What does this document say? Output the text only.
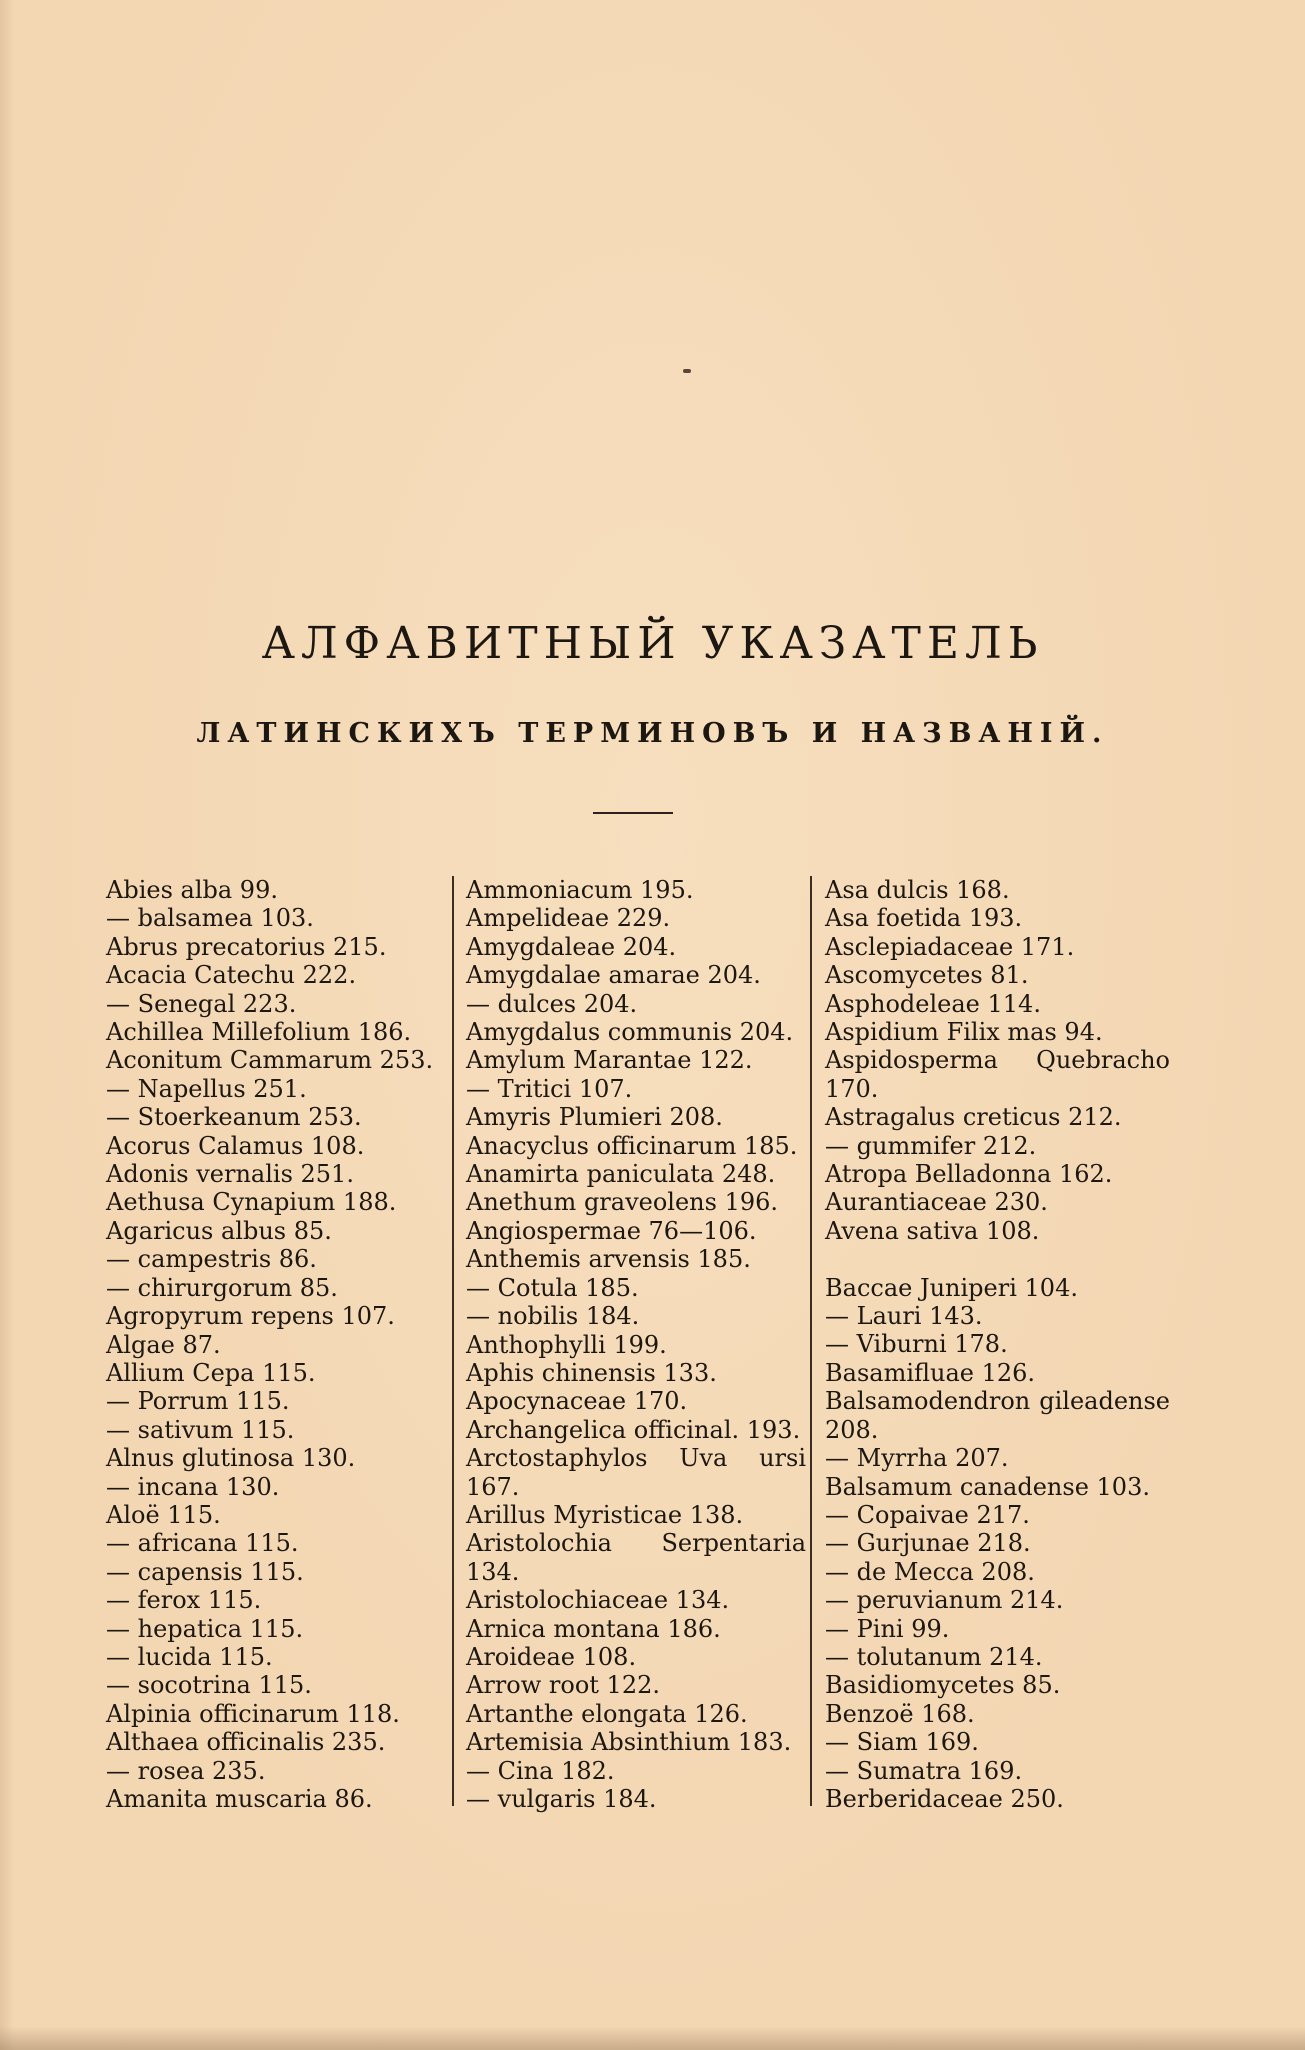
АЛФАВИТНЫЙ УКАЗАТЕЛЬ
ЛАТИНСКИХЪ ТЕРМИНОВЪ И НАЗВАНІЙ.
Abies alba 99.
— balsamea 103.
Abrus precatorius 215.
Acacia Catechu 222.
— Senegal 223.
Achillea Millefolium 186.
Aconitum Cammarum 253.
— Napellus 251.
— Stoerkeanum 253.
Acorus Calamus 108.
Adonis vernalis 251.
Aethusa Cynapium 188.
Agaricus albus 85.
— campestris 86.
— chirurgorum 85.
Agropyrum repens 107.
Algae 87.
Allium Cepa 115.
— Porrum 115.
— sativum 115.
Alnus glutinosa 130.
— incana 130.
Aloë 115.
— africana 115.
— capensis 115.
— ferox 115.
— hepatica 115.
— lucida 115.
— socotrina 115.
Alpinia officinarum 118.
Althaea officinalis 235.
— rosea 235.
Amanita muscaria 86.
Ammoniacum 195.
Ampelideae 229.
Amygdaleae 204.
Amygdalae amarae 204.
— dulces 204.
Amygdalus communis 204.
Amylum Marantae 122.
— Tritici 107.
Amyris Plumieri 208.
Anacyclus officinarum 185.
Anamirta paniculata 248.
Anethum graveolens 196.
Angiospermae 76—106.
Anthemis arvensis 185.
— Cotula 185.
— nobilis 184.
Anthophylli 199.
Aphis chinensis 133.
Apocynaceae 170.
Archangelica officinal. 193.
Arctostaphylos Uva ursi 167.
Arillus Myristicae 138.
Aristolochia Serpentaria 134.
Aristolochiaceae 134.
Arnica montana 186.
Aroideae 108.
Arrow root 122.
Artanthe elongata 126.
Artemisia Absinthium 183.
— Cina 182.
— vulgaris 184.
Asa dulcis 168.
Asa foetida 193.
Asclepiadaceae 171.
Ascomycetes 81.
Asphodeleae 114.
Aspidium Filix mas 94.
Aspidosperma Quebracho 170.
Astragalus creticus 212.
— gummifer 212.
Atropa Belladonna 162.
Aurantiaceae 230.
Avena sativa 108.
Baccae Juniperi 104.
— Lauri 143.
— Viburni 178.
Basamifluae 126.
Balsamodendron gileadense 208.
— Myrrha 207.
Balsamum canadense 103.
— Copaivae 217.
— Gurjunae 218.
— de Mecca 208.
— peruvianum 214.
— Pini 99.
— tolutanum 214.
Basidiomycetes 85.
Benzoë 168.
— Siam 169.
— Sumatra 169.
Berberidaceae 250.
